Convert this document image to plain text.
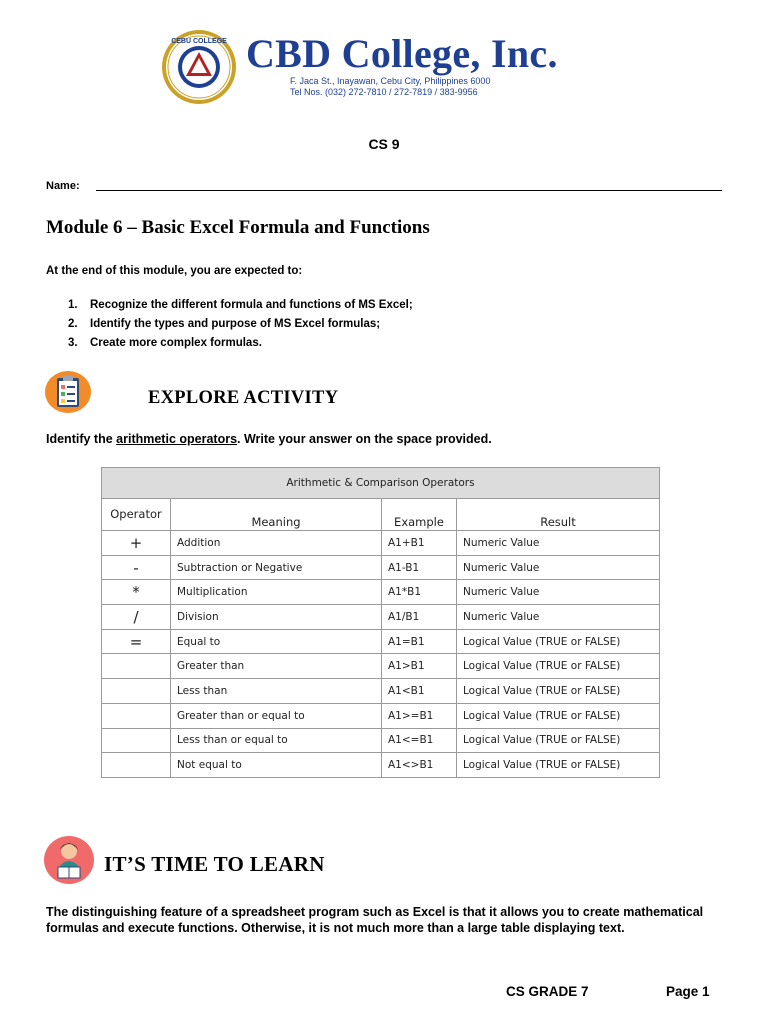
CEBU COLLEGE CBD College, Inc.
F. Jaca St., Inayawan, Cebu City, Philippines 6000
Tel Nos. (032) 272-7810 / 272-7819 / 383-9956
CS 9
Name:
Module 6 – Basic Excel Formula and Functions
At the end of this module, you are expected to:
1. Recognize the different formula and functions of MS Excel;
2. Identify the types and purpose of MS Excel formulas;
3. Create more complex formulas.
EXPLORE ACTIVITY
Identify the arithmetic operators. Write your answer on the space provided.
Arithmetic & Comparison Operators			
Operator	Meaning	Example	Result
+	Addition	A1+B1	Numeric Value
-	Subtraction or Negative	A1-B1	Numeric Value
*	Multiplication	A1*B1	Numeric Value
/	Division	A1/B1	Numeric Value
=	Equal to	A1=B1	Logical Value (TRUE or FALSE)
	Greater than	A1>B1	Logical Value (TRUE or FALSE)
	Less than	A1<B1	Logical Value (TRUE or FALSE)
	Greater than or equal to	A1>=B1	Logical Value (TRUE or FALSE)
	Less than or equal to	A1<=B1	Logical Value (TRUE or FALSE)
	Not equal to	A1<>B1	Logical Value (TRUE or FALSE)
IT’S TIME TO LEARN
The distinguishing feature of a spreadsheet program such as Excel is that it allows you to create mathematical formulas and execute functions. Otherwise, it is not much more than a large table displaying text.
CS GRADE 7	Page 1
